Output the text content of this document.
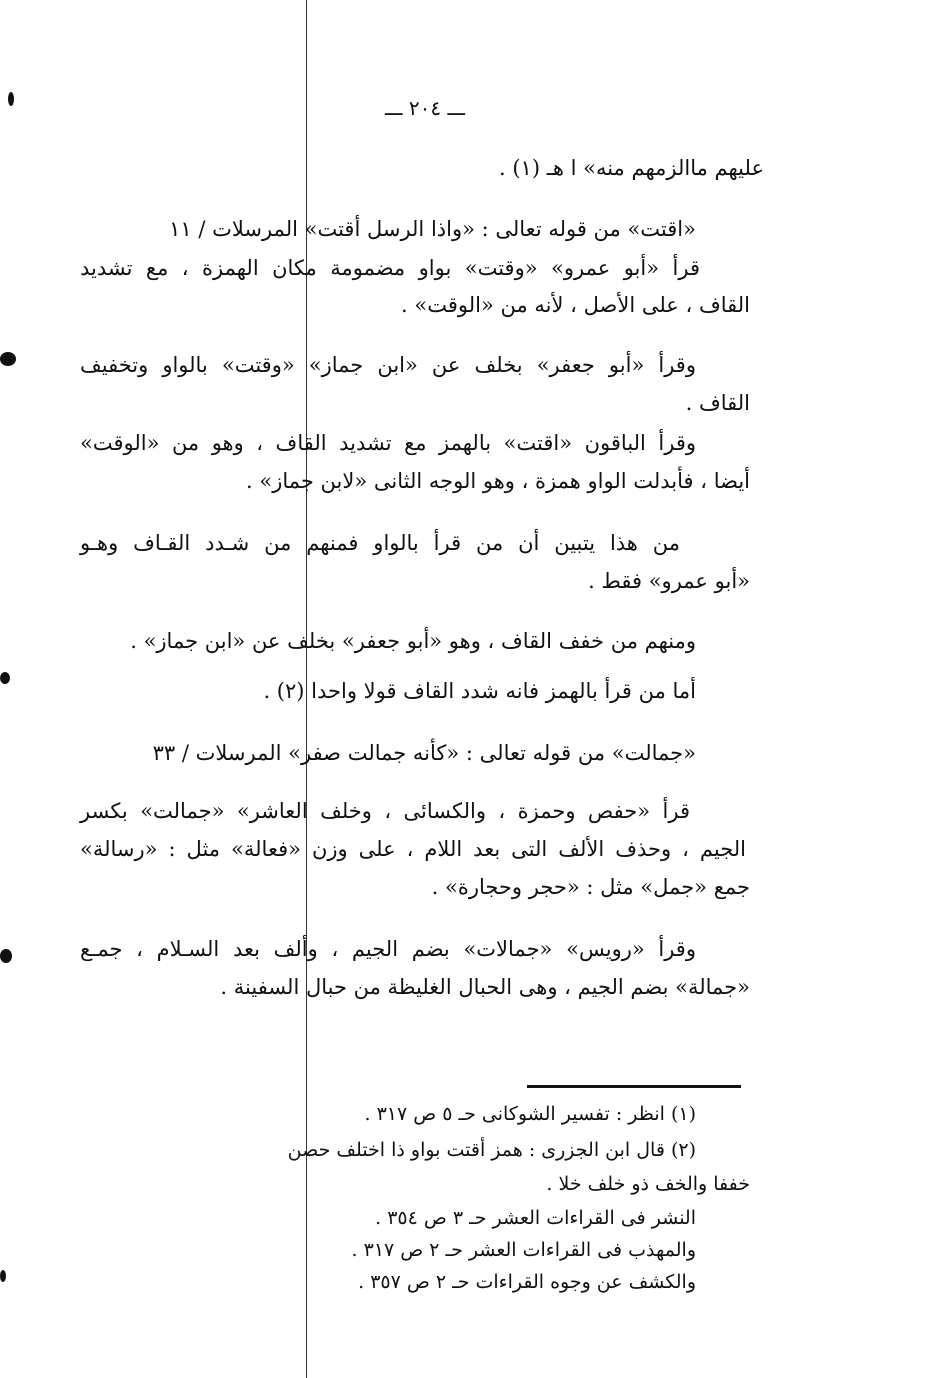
ـــ ٢٠٤ ـــ
عليهم ماالزمهم منه» ا هـ (١) .
«اقتت» من قوله تعالى : «واذا الرسل أقتت» المرسلات / ١١
قرأ «أبو عمرو» «وقتت» بواو مضمومة مكان الهمزة ، مع تشديد
القاف ، على الأصل ، لأنه من «الوقت» .
وقرأ «أبو جعفر» بخلف عن «ابن جماز» «وقتت» بالواو وتخفيف
القاف .
وقرأ الباقون «اقتت» بالهمز مع تشديد القاف ، وهو من «الوقت»
أيضا ، فأبدلت الواو همزة ، وهو الوجه الثانى «لابن جماز» .
من هذا يتبين أن من قرأ بالواو فمنهم من شـدد القـاف وهـو
«أبو عمرو» فقط .
ومنهم من خفف القاف ، وهو «أبو جعفر» بخلف عن «ابن جماز» .
أما من قرأ بالهمز فانه شدد القاف قولا واحدا (٢) .
«جمالت» من قوله تعالى : «كأنه جمالت صفر» المرسلات / ٣٣
قرأ «حفص وحمزة ، والكسائى ، وخلف العاشر» «جمالت» بكسر
الجيم ، وحذف الألف التى بعد اللام ، على وزن «فعالة» مثل : «رسالة»
جمع «جمل» مثل : «حجر وحجارة» .
وقرأ «رويس» «جمالات» بضم الجيم ، وألف بعد السـلام ، جمـع
«جمالة» بضم الجيم ، وهى الحبال الغليظة من حبال السفينة .
(١) انظر : تفسير الشوكانى حـ ٥ ص ٣١٧ .
(٢) قال ابن الجزرى : همز أقتت بواو ذا اختلف حصن
خففا والخف ذو خلف خلا .
النشر فى القراءات العشر حـ ٣ ص ٣٥٤ .
والمهذب فى القراءات العشر حـ ٢ ص ٣١٧ .
والكشف عن وجوه القراءات حـ ٢ ص ٣٥٧ .
